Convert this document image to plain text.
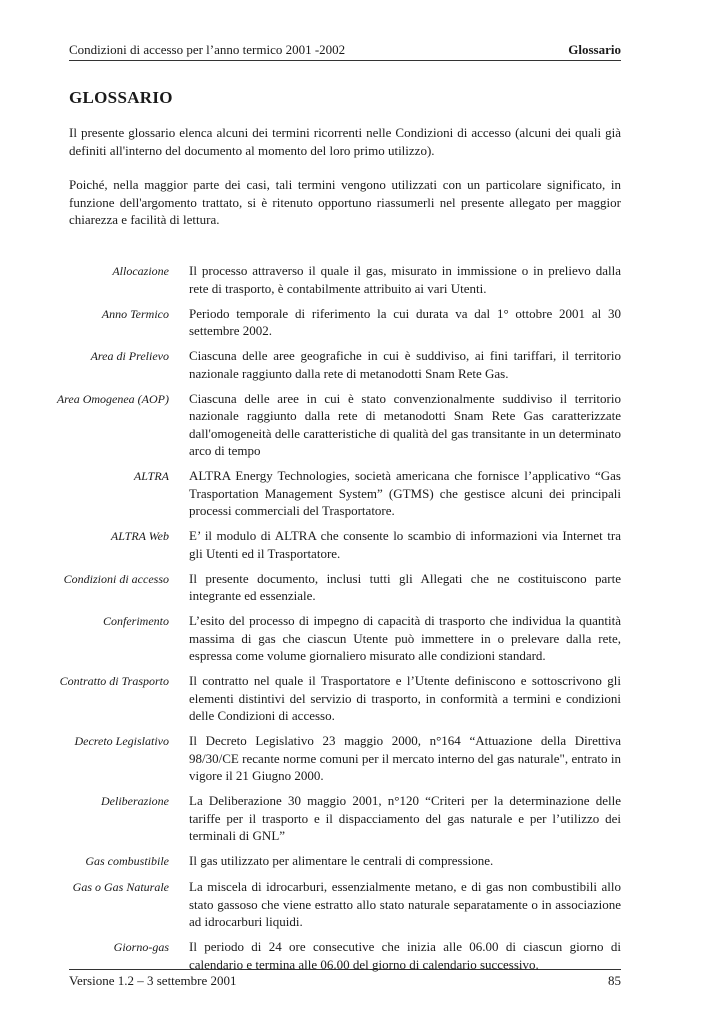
Condizioni di accesso per l’anno termico 2001 -2002	Glossario
GLOSSARIO

Il presente glossario elenca alcuni dei termini ricorrenti nelle Condizioni di accesso (alcuni dei quali già definiti all'interno del documento al momento del loro primo utilizzo).

Poiché, nella maggior parte dei casi, tali termini vengono utilizzati con un particolare significato, in funzione dell'argomento trattato, si è ritenuto opportuno riassumerli nel presente allegato per maggior chiarezza e facilità di lettura.

Allocazione Il processo attraverso il quale il gas, misurato in immissione o in prelievo dalla rete di trasporto, è contabilmente attribuito ai vari Utenti.
Anno Termico Periodo temporale di riferimento la cui durata va dal 1° ottobre 2001 al 30 settembre 2002.
Area di Prelievo Ciascuna delle aree geografiche in cui è suddiviso, ai fini tariffari, il territorio nazionale raggiunto dalla rete di metanodotti Snam Rete Gas.
Area Omogenea (AOP) Ciascuna delle aree in cui è stato convenzionalmente suddiviso il territorio nazionale raggiunto dalla rete di metanodotti Snam Rete Gas caratterizzate dall'omogeneità delle caratteristiche di qualità del gas transitante in un determinato arco di tempo
ALTRA ALTRA Energy Technologies, società americana che fornisce l’applicativo “Gas Trasportation Management System” (GTMS) che gestisce alcuni dei principali processi commerciali del Trasportatore.
ALTRA Web E’ il modulo di ALTRA che consente lo scambio di informazioni via Internet tra gli Utenti ed il Trasportatore.
Condizioni di accesso Il presente documento, inclusi tutti gli Allegati che ne costituiscono parte integrante ed essenziale.
Conferimento L’esito del processo di impegno di capacità di trasporto che individua la quantità massima di gas che ciascun Utente può immettere in o prelevare dalla rete, espressa come volume giornaliero misurato alle condizioni standard.
Contratto di Trasporto Il contratto nel quale il Trasportatore e l’Utente definiscono e sottoscrivono gli elementi distintivi del servizio di trasporto, in conformità a termini e condizioni delle Condizioni di accesso.
Decreto Legislativo Il Decreto Legislativo 23 maggio 2000, n°164 “Attuazione della Direttiva 98/30/CE recante norme comuni per il mercato interno del gas naturale", entrato in vigore il 21 Giugno 2000.
Deliberazione La Deliberazione 30 maggio 2001, n°120 “Criteri per la determinazione delle tariffe per il trasporto e il dispacciamento del gas naturale e per l’utilizzo dei terminali di GNL”
Gas combustibile Il gas utilizzato per alimentare le centrali di compressione.
Gas o Gas Naturale La miscela di idrocarburi, essenzialmente metano, e di gas non combustibili allo stato gassoso che viene estratto allo stato naturale separatamente o in associazione ad idrocarburi liquidi.
Giorno-gas Il periodo di 24 ore consecutive che inizia alle 06.00 di ciascun giorno di calendario e termina alle 06.00 del giorno di calendario successivo.
Versione 1.2 – 3 settembre 2001	85
